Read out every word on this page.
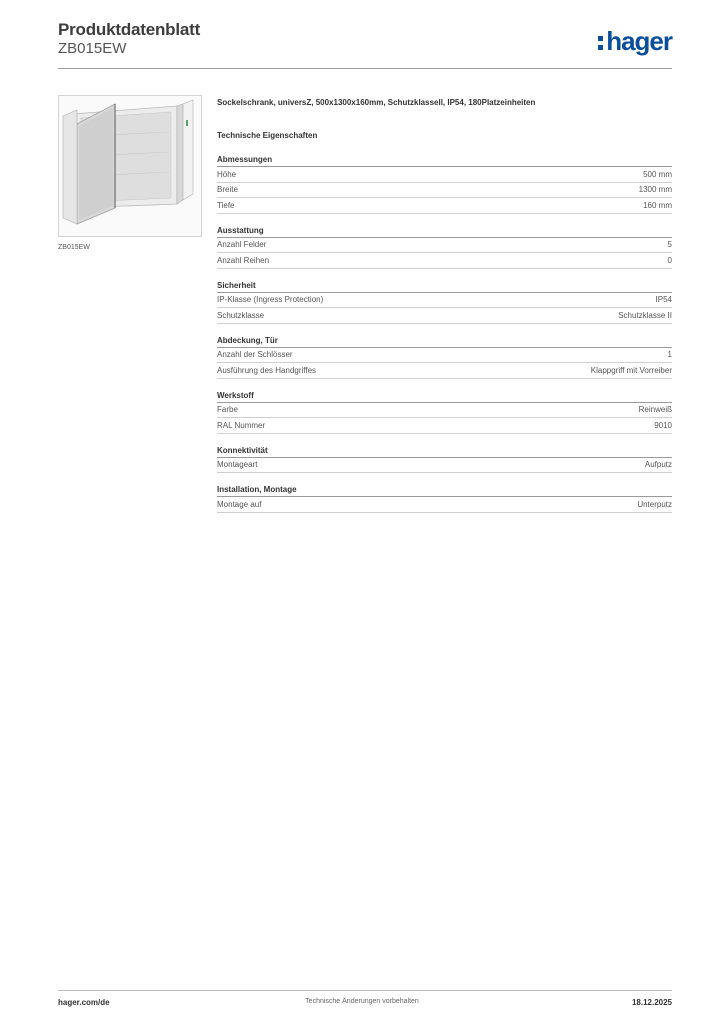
Produktdatenblatt
ZB015EW	hager
ZB015EW
Sockelschrank, universZ, 500x1300x160mm, Schutzklassell, IP54, 180Platzeinheiten
Technische Eigenschaften
Abmessungen
Höhe	500 mm
Breite	1300 mm
Tiefe	160 mm
Ausstattung
Anzahl Felder	5
Anzahl Reihen	0
Sicherheit
IP-Klasse (Ingress Protection)	IP54
Schutzklasse	Schutzklasse II
Abdeckung, Tür
Anzahl der Schlösser	1
Ausführung des Handgriffes	Klappgriff mit Vorreiber
Werkstoff
Farbe	Reinweiß
RAL Nummer	9010
Konnektivität
Montageart	Aufputz
Installation, Montage
Montage auf	Unterputz
hager.com/de	Technische Änderungen vorbehalten	18.12.2025
